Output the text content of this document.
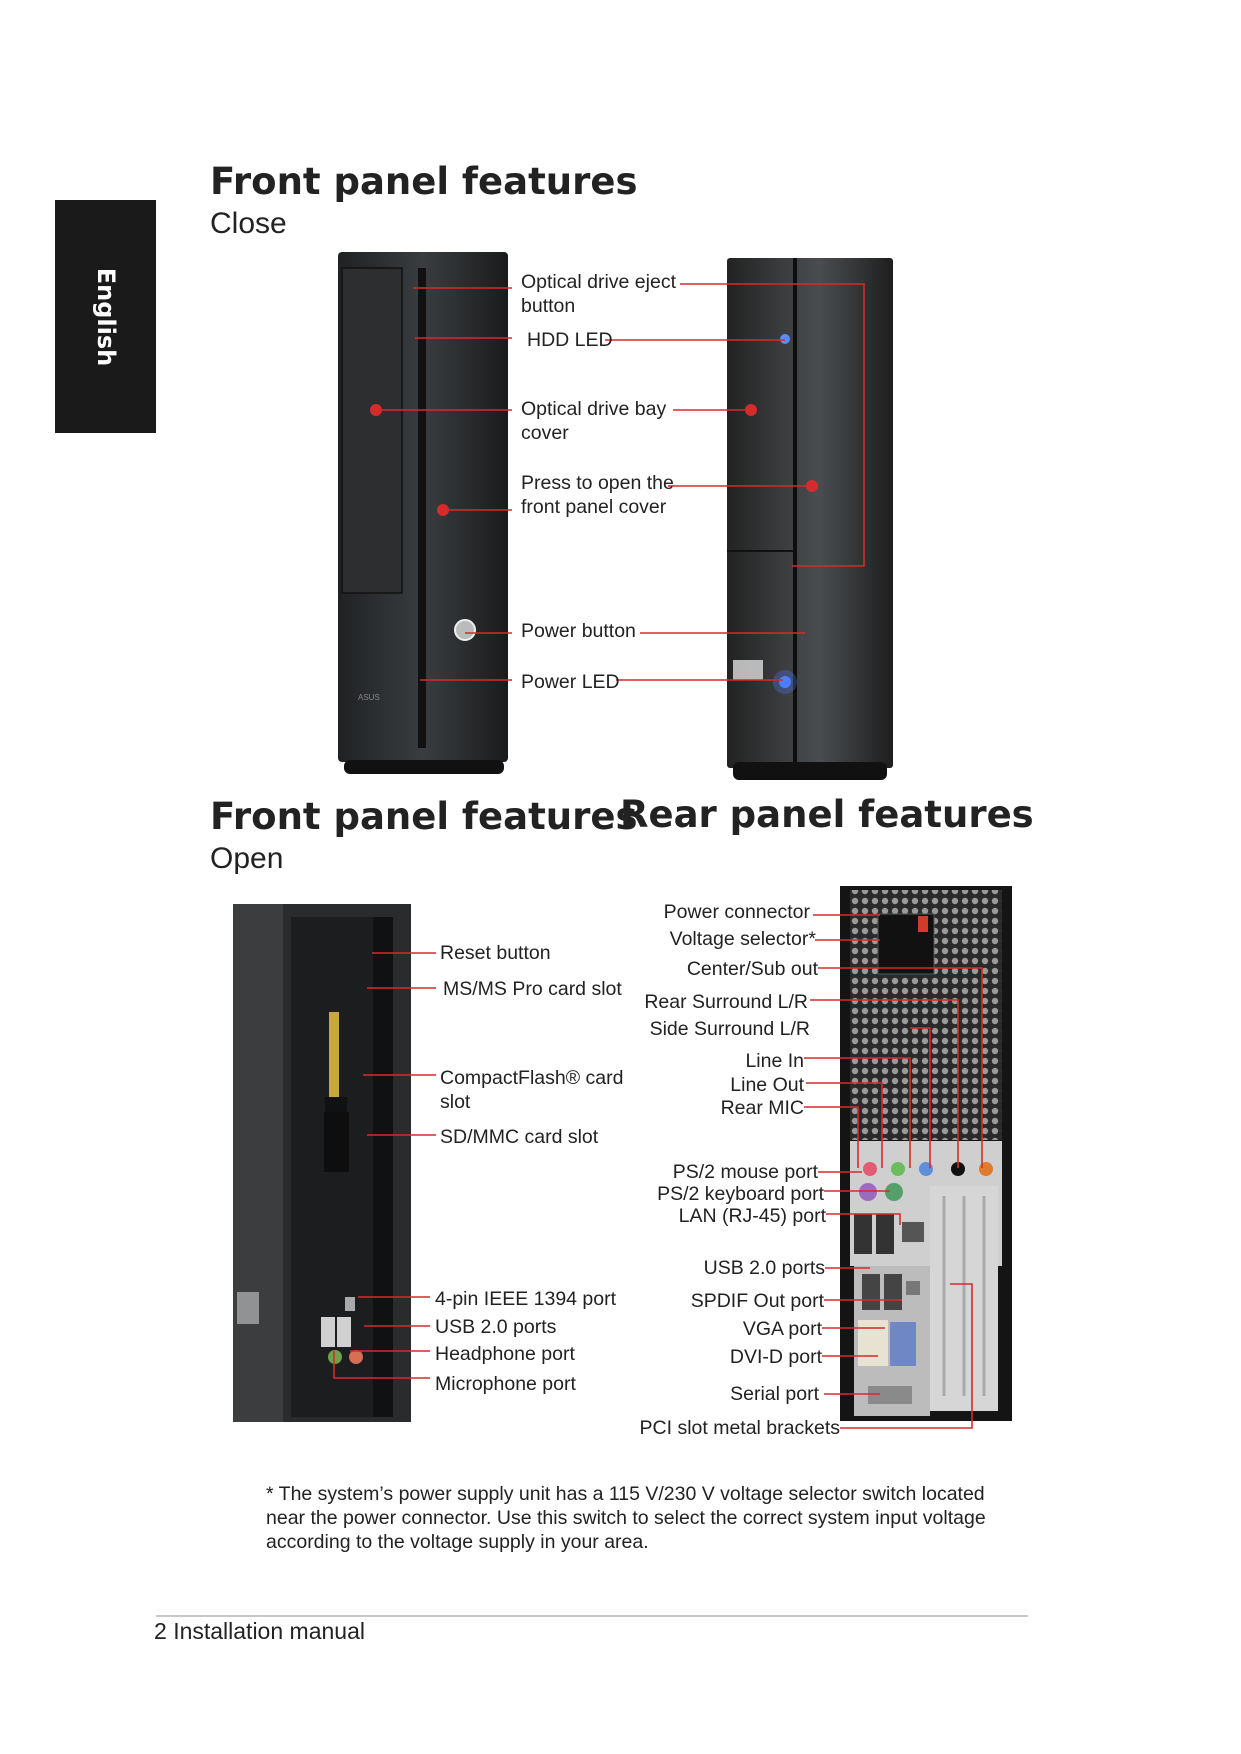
English
Front panel features
Close
Front panel features
Open
Rear panel features
ASUS
Optical drive eject
button
HDD LED
Optical drive bay
cover
Press to open the
front panel cover
Power button
Power LED
Reset button
MS/MS Pro card slot
CompactFlash® card
slot
SD/MMC card slot
4-pin IEEE 1394 port
USB 2.0 ports
Headphone port
Microphone port
Power connector
Voltage selector*
Center/Sub out
Rear Surround L/R
Side Surround L/R
Line In
Line Out
Rear MIC
PS/2 mouse port
PS/2 keyboard port
LAN (RJ-45) port
USB 2.0 ports
SPDIF Out port
VGA port
DVI-D port
Serial port
PCI slot metal brackets
* The system’s power supply unit has a 115 V/230 V voltage selector switch located near the power connector. Use this switch to select the correct system input voltage according to the voltage supply in your area.
2 Installation manual
